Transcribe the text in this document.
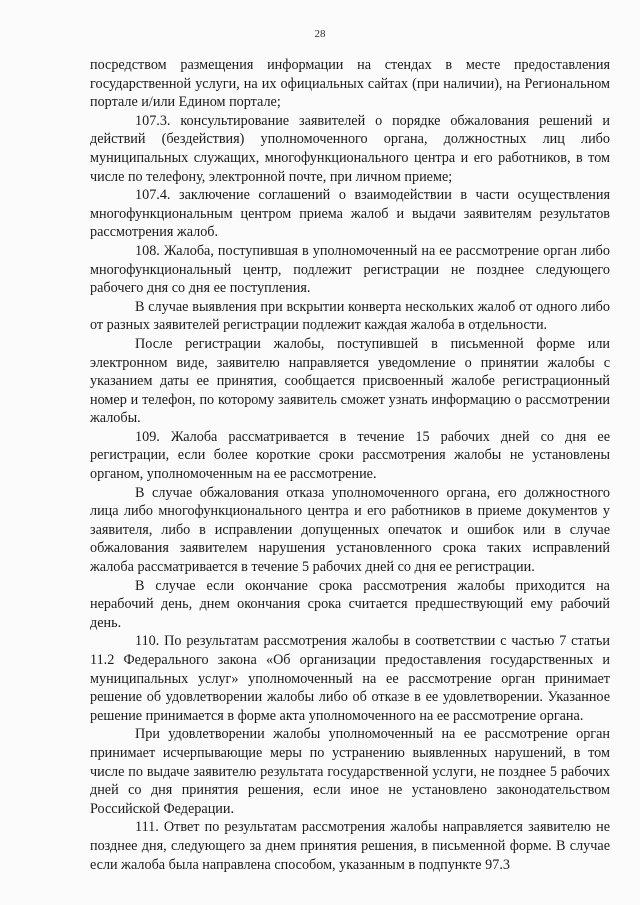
28

посредством размещения информации на стендах в месте предоставления государственной услуги, на их официальных сайтах (при наличии), на Региональном портале и/или Едином портале;

107.3. консультирование заявителей о порядке обжалования решений и действий (бездействия) уполномоченного органа, должностных лиц либо муниципальных служащих, многофункционального центра и его работников, в том числе по телефону, электронной почте, при личном приеме;

107.4. заключение соглашений о взаимодействии в части осуществления многофункциональным центром приема жалоб и выдачи заявителям результатов рассмотрения жалоб.

108. Жалоба, поступившая в уполномоченный на ее рассмотрение орган либо многофункциональный центр, подлежит регистрации не позднее следующего рабочего дня со дня ее поступления.

В случае выявления при вскрытии конверта нескольких жалоб от одного либо от разных заявителей регистрации подлежит каждая жалоба в отдельности.

После регистрации жалобы, поступившей в письменной форме или электронном виде, заявителю направляется уведомление о принятии жалобы с указанием даты ее принятия, сообщается присвоенный жалобе регистрационный номер и телефон, по которому заявитель сможет узнать информацию о рассмотрении жалобы.

109. Жалоба рассматривается в течение 15 рабочих дней со дня ее регистрации, если более короткие сроки рассмотрения жалобы не установлены органом, уполномоченным на ее рассмотрение.

В случае обжалования отказа уполномоченного органа, его должностного лица либо многофункционального центра и его работников в приеме документов у заявителя, либо в исправлении допущенных опечаток и ошибок или в случае обжалования заявителем нарушения установленного срока таких исправлений жалоба рассматривается в течение 5 рабочих дней со дня ее регистрации.

В случае если окончание срока рассмотрения жалобы приходится на нерабочий день, днем окончания срока считается предшествующий ему рабочий день.

110. По результатам рассмотрения жалобы в соответствии с частью 7 статьи 11.2 Федерального закона «Об организации предоставления государственных и муниципальных услуг» уполномоченный на ее рассмотрение орган принимает решение об удовлетворении жалобы либо об отказе в ее удовлетворении. Указанное решение принимается в форме акта уполномоченного на ее рассмотрение органа.

При удовлетворении жалобы уполномоченный на ее рассмотрение орган принимает исчерпывающие меры по устранению выявленных нарушений, в том числе по выдаче заявителю результата государственной услуги, не позднее 5 рабочих дней со дня принятия решения, если иное не установлено законодательством Российской Федерации.

111. Ответ по результатам рассмотрения жалобы направляется заявителю не позднее дня, следующего за днем принятия решения, в письменной форме. В случае если жалоба была направлена способом, указанным в подпункте 97.3
